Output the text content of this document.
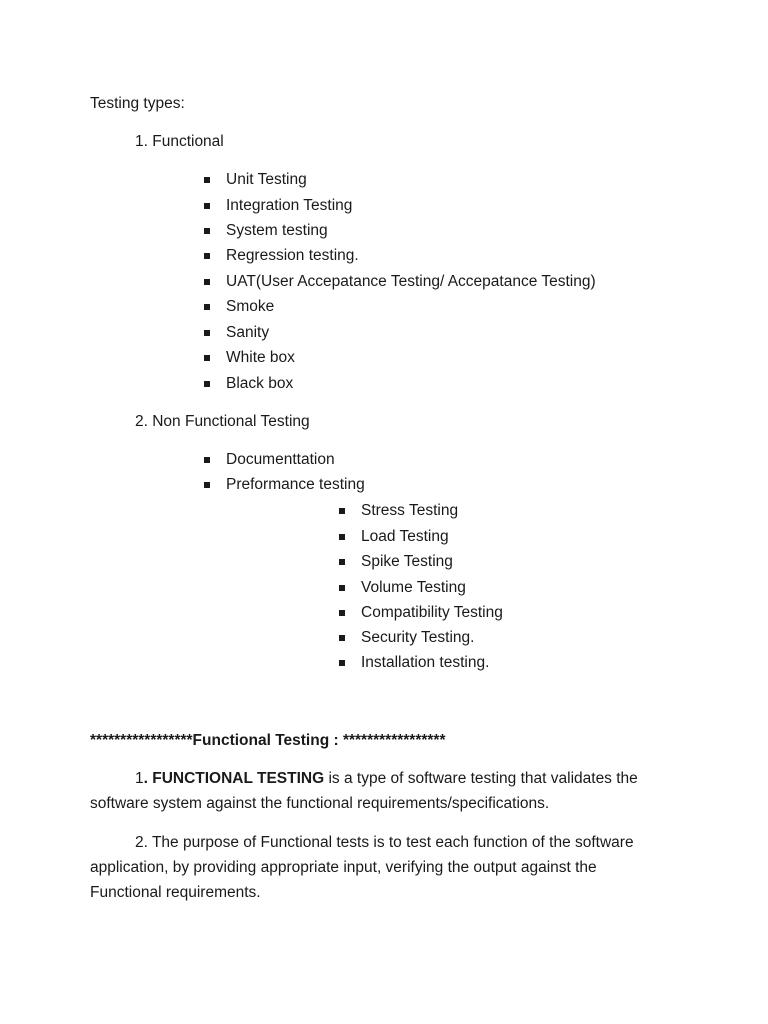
Testing types:
1. Functional
Unit Testing
Integration Testing
System testing
Regression testing.
UAT(User Accepatance Testing/ Accepatance Testing)
Smoke
Sanity
White box
Black box
2. Non Functional Testing
Documenttation
Preformance testing
Stress Testing
Load Testing
Spike Testing
Volume Testing
Compatibility Testing
Security Testing.
Installation testing.
*****************Functional Testing : *****************
1. FUNCTIONAL TESTING is a type of software testing that validates the
software system against the functional requirements/specifications.
2. The purpose of Functional tests is to test each function of the software
application, by providing appropriate input, verifying the output against the
Functional requirements.
